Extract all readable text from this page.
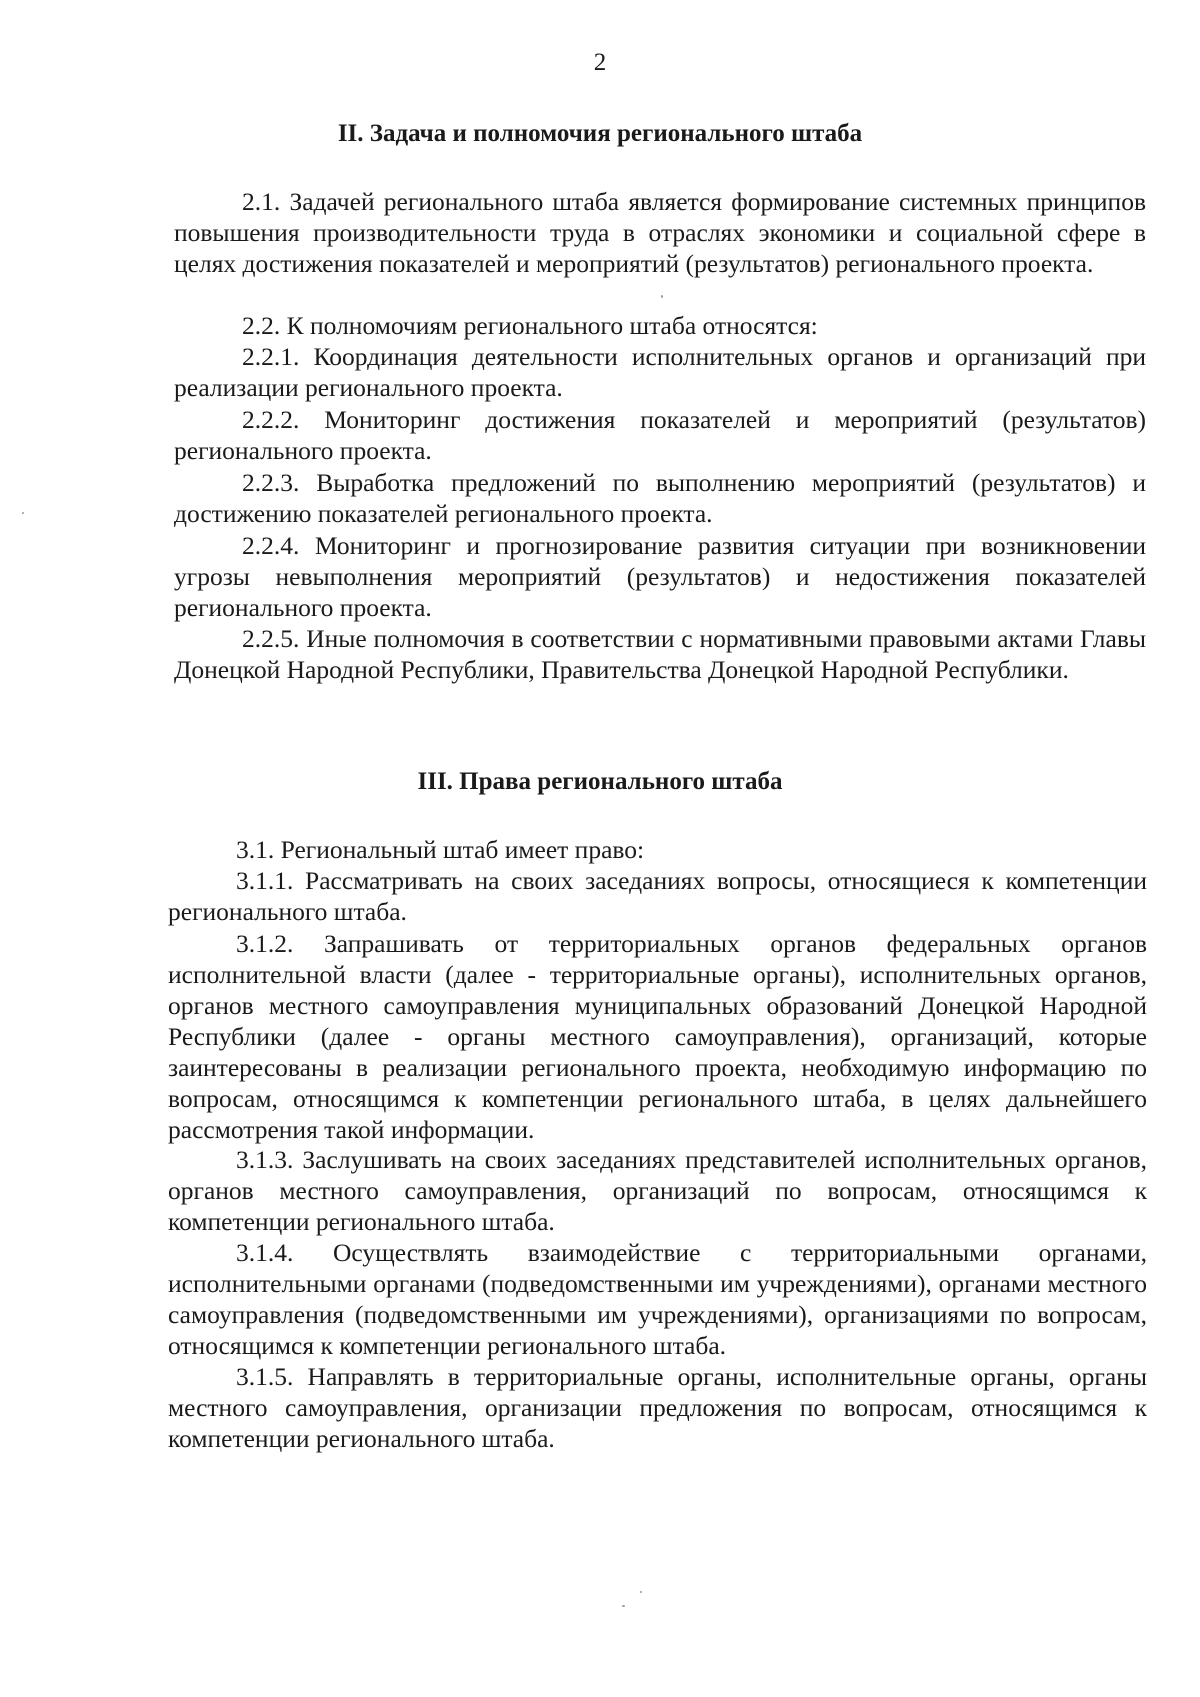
2
II. Задача и полномочия регионального штаба

2.1. Задачей регионального штаба является формирование системных принципов повышения производительности труда в отраслях экономики и социальной сфере в целях достижения показателей и мероприятий (результатов) регионального проекта.

2.2. К полномочиям регионального штаба относятся:

2.2.1. Координация деятельности исполнительных органов и организаций при реализации регионального проекта.

2.2.2. Мониторинг достижения показателей и мероприятий (результатов) регионального проекта.

2.2.3. Выработка предложений по выполнению мероприятий (результатов) и достижению показателей регионального проекта.

2.2.4. Мониторинг и прогнозирование развития ситуации при возникновении угрозы невыполнения мероприятий (результатов) и недостижения показателей регионального проекта.

2.2.5. Иные полномочия в соответствии с нормативными правовыми актами Главы Донецкой Народной Республики, Правительства Донецкой Народной Республики.

III. Права регионального штаба

3.1. Региональный штаб имеет право:

3.1.1. Рассматривать на своих заседаниях вопросы, относящиеся к компетенции регионального штаба.

3.1.2. Запрашивать от территориальных органов федеральных органов исполнительной власти (далее - территориальные органы), исполнительных органов, органов местного самоуправления муниципальных образований Донецкой Народной Республики (далее - органы местного самоуправления), организаций, которые заинтересованы в реализации регионального проекта, необходимую информацию по вопросам, относящимся к компетенции регионального штаба, в целях дальнейшего рассмотрения такой информации.

3.1.3. Заслушивать на своих заседаниях представителей исполнительных органов, органов местного самоуправления, организаций по вопросам, относящимся к компетенции регионального штаба.

3.1.4. Осуществлять взаимодействие с территориальными органами, исполнительными органами (подведомственными им учреждениями), органами местного самоуправления (подведомственными им учреждениями), организациями по вопросам, относящимся к компетенции регионального штаба.

3.1.5. Направлять в территориальные органы, исполнительные органы, органы местного самоуправления, организации предложения по вопросам, относящимся к компетенции регионального штаба.
